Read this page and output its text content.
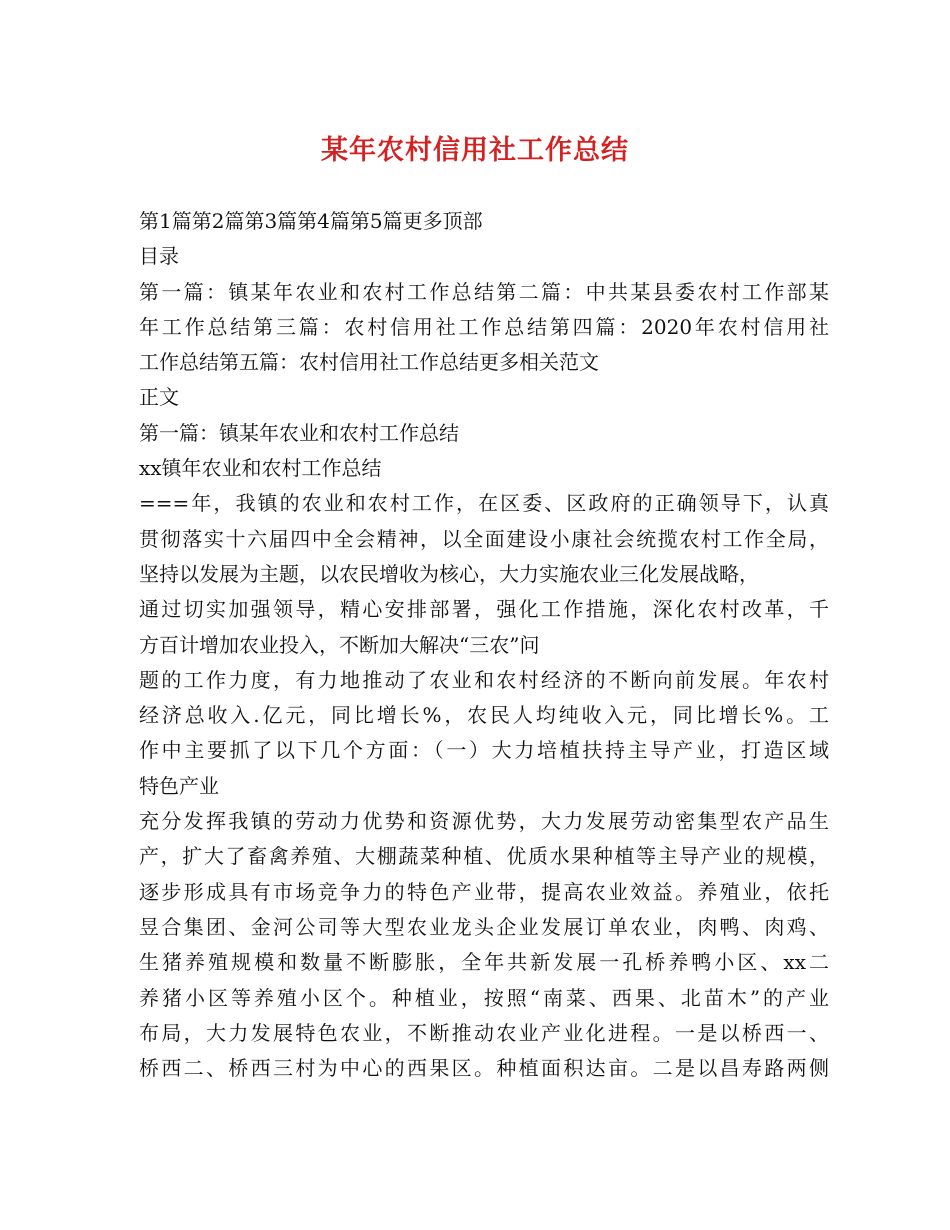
某年农村信用社工作总结
第1篇第2篇第3篇第4篇第5篇更多顶部
目录
第一篇：镇某年农业和农村工作总结第二篇：中共某县委农村工作部某
年工作总结第三篇：农村信用社工作总结第四篇：2020年农村信用社
工作总结第五篇：农村信用社工作总结更多相关范文
正文
第一篇：镇某年农业和农村工作总结
xx镇年农业和农村工作总结
===年，我镇的农业和农村工作，在区委、区政府的正确领导下，认真
贯彻落实十六届四中全会精神，以全面建设小康社会统揽农村工作全局，
坚持以发展为主题，以农民增收为核心，大力实施农业三化发展战略，
通过切实加强领导，精心安排部署，强化工作措施，深化农村改革，千
方百计增加农业投入，不断加大解决“三农”问
题的工作力度，有力地推动了农业和农村经济的不断向前发展。年农村
经济总收入.亿元，同比增长%，农民人均纯收入元，同比增长%。工
作中主要抓了以下几个方面：（一）大力培植扶持主导产业，打造区域
特色产业
充分发挥我镇的劳动力优势和资源优势，大力发展劳动密集型农产品生
产，扩大了畜禽养殖、大棚蔬菜种植、优质水果种植等主导产业的规模，
逐步形成具有市场竞争力的特色产业带，提高农业效益。养殖业，依托
昱合集团、金河公司等大型农业龙头企业发展订单农业，肉鸭、肉鸡、
生猪养殖规模和数量不断膨胀，全年共新发展一孔桥养鸭小区、xx二
养猪小区等养殖小区个。种植业，按照“南菜、西果、北苗木”的产业
布局，大力发展特色农业，不断推动农业产业化进程。一是以桥西一、
桥西二、桥西三村为中心的西果区。种植面积达亩。二是以昌寿路两侧
